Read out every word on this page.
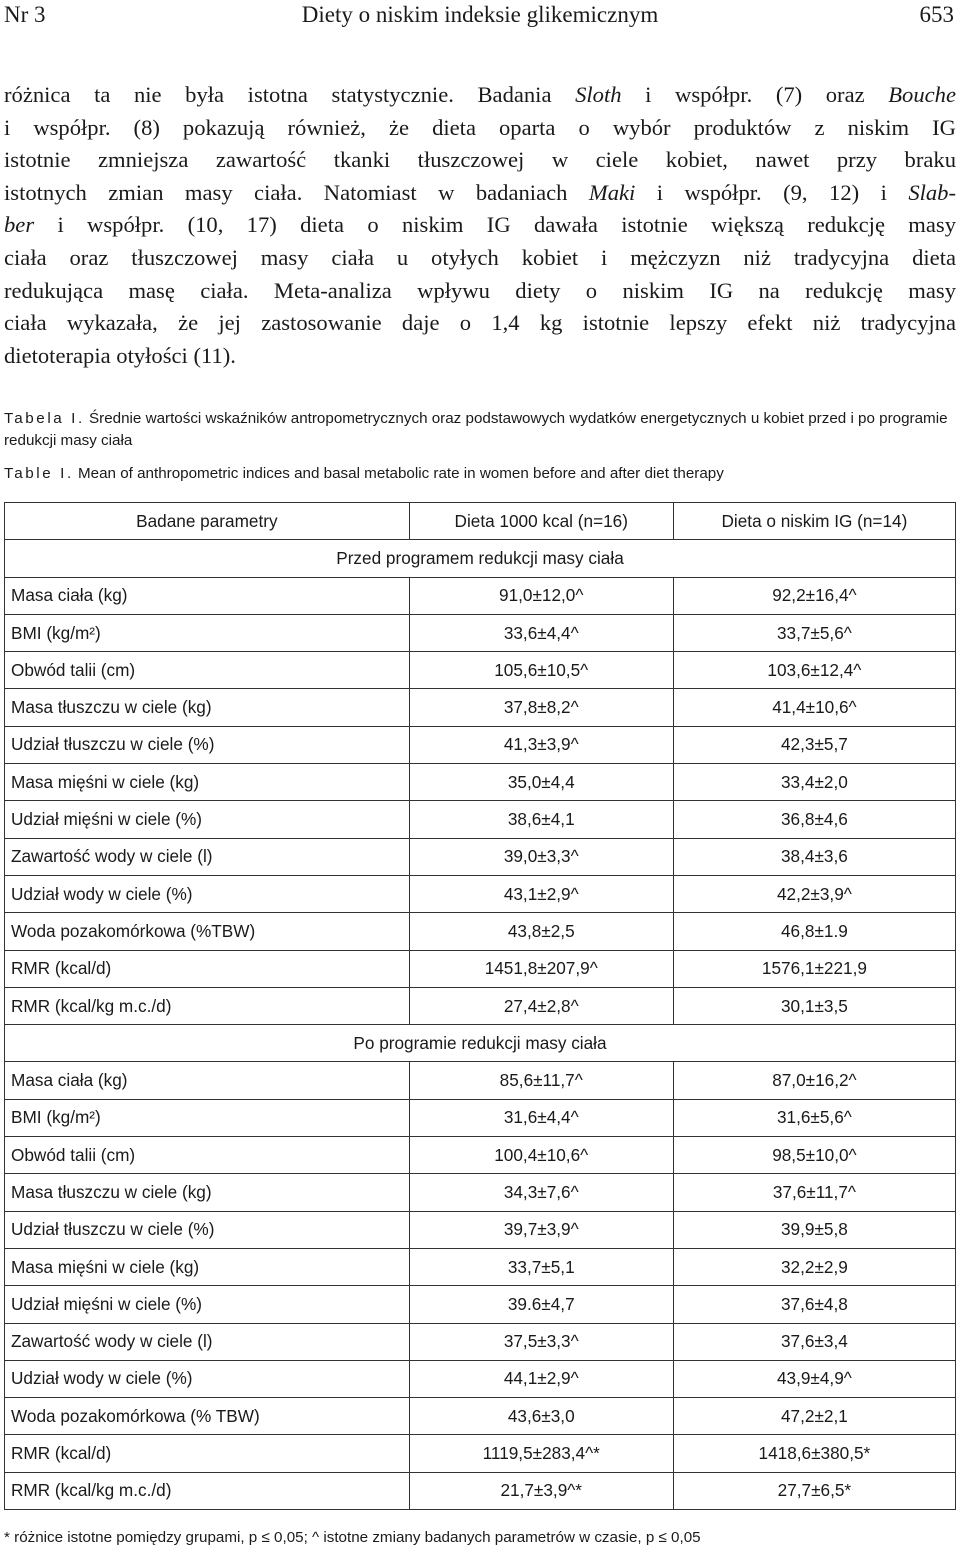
Nr 3	Diety o niskim indeksie glikemicznym	653
różnica ta nie była istotna statystycznie. Badania Sloth i współpr. (7) oraz Bouche
i współpr. (8) pokazują również, że dieta oparta o wybór produktów z niskim IG
istotnie zmniejsza zawartość tkanki tłuszczowej w ciele kobiet, nawet przy braku
istotnych zmian masy ciała. Natomiast w badaniach Maki i współpr. (9, 12) i Slab-
ber i współpr. (10, 17) dieta o niskim IG dawała istotnie większą redukcję masy
ciała oraz tłuszczowej masy ciała u otyłych kobiet i mężczyzn niż tradycyjna dieta
redukująca masę ciała. Meta-analiza wpływu diety o niskim IG na redukcję masy
ciała wykazała, że jej zastosowanie daje o 1,4 kg istotnie lepszy efekt niż tradycyjna
dietoterapia otyłości (11).
Tabela I. Średnie wartości wskaźników antropometrycznych oraz podstawowych wydatków energetycznych u kobiet przed i po programie redukcji masy ciała
Table I. Mean of anthropometric indices and basal metabolic rate in women before and after diet therapy
Badane parametry	Dieta 1000 kcal (n=16)	Dieta o niskim IG (n=14)
Przed programem redukcji masy ciała		
Masa ciała (kg)	91,0±12,0^	92,2±16,4^
BMI (kg/m²)	33,6±4,4^	33,7±5,6^
Obwód talii (cm)	105,6±10,5^	103,6±12,4^
Masa tłuszczu w ciele (kg)	37,8±8,2^	41,4±10,6^
Udział tłuszczu w ciele (%)	41,3±3,9^	42,3±5,7
Masa mięśni w ciele (kg)	35,0±4,4	33,4±2,0
Udział mięśni w ciele (%)	38,6±4,1	36,8±4,6
Zawartość wody w ciele (l)	39,0±3,3^	38,4±3,6
Udział wody w ciele (%)	43,1±2,9^	42,2±3,9^
Woda pozakomórkowa (%TBW)	43,8±2,5	46,8±1.9
RMR (kcal/d)	1451,8±207,9^	1576,1±221,9
RMR (kcal/kg m.c./d)	27,4±2,8^	30,1±3,5
Po programie redukcji masy ciała		
Masa ciała (kg)	85,6±11,7^	87,0±16,2^
BMI (kg/m²)	31,6±4,4^	31,6±5,6^
Obwód talii (cm)	100,4±10,6^	98,5±10,0^
Masa tłuszczu w ciele (kg)	34,3±7,6^	37,6±11,7^
Udział tłuszczu w ciele (%)	39,7±3,9^	39,9±5,8
Masa mięśni w ciele (kg)	33,7±5,1	32,2±2,9
Udział mięśni w ciele (%)	39.6±4,7	37,6±4,8
Zawartość wody w ciele (l)	37,5±3,3^	37,6±3,4
Udział wody w ciele (%)	44,1±2,9^	43,9±4,9^
Woda pozakomórkowa (% TBW)	43,6±3,0	47,2±2,1
RMR (kcal/d)	1119,5±283,4^*	1418,6±380,5*
RMR (kcal/kg m.c./d)	21,7±3,9^*	27,7±6,5*
* różnice istotne pomiędzy grupami, p ≤ 0,05; ^ istotne zmiany badanych parametrów w czasie, p ≤ 0,05
